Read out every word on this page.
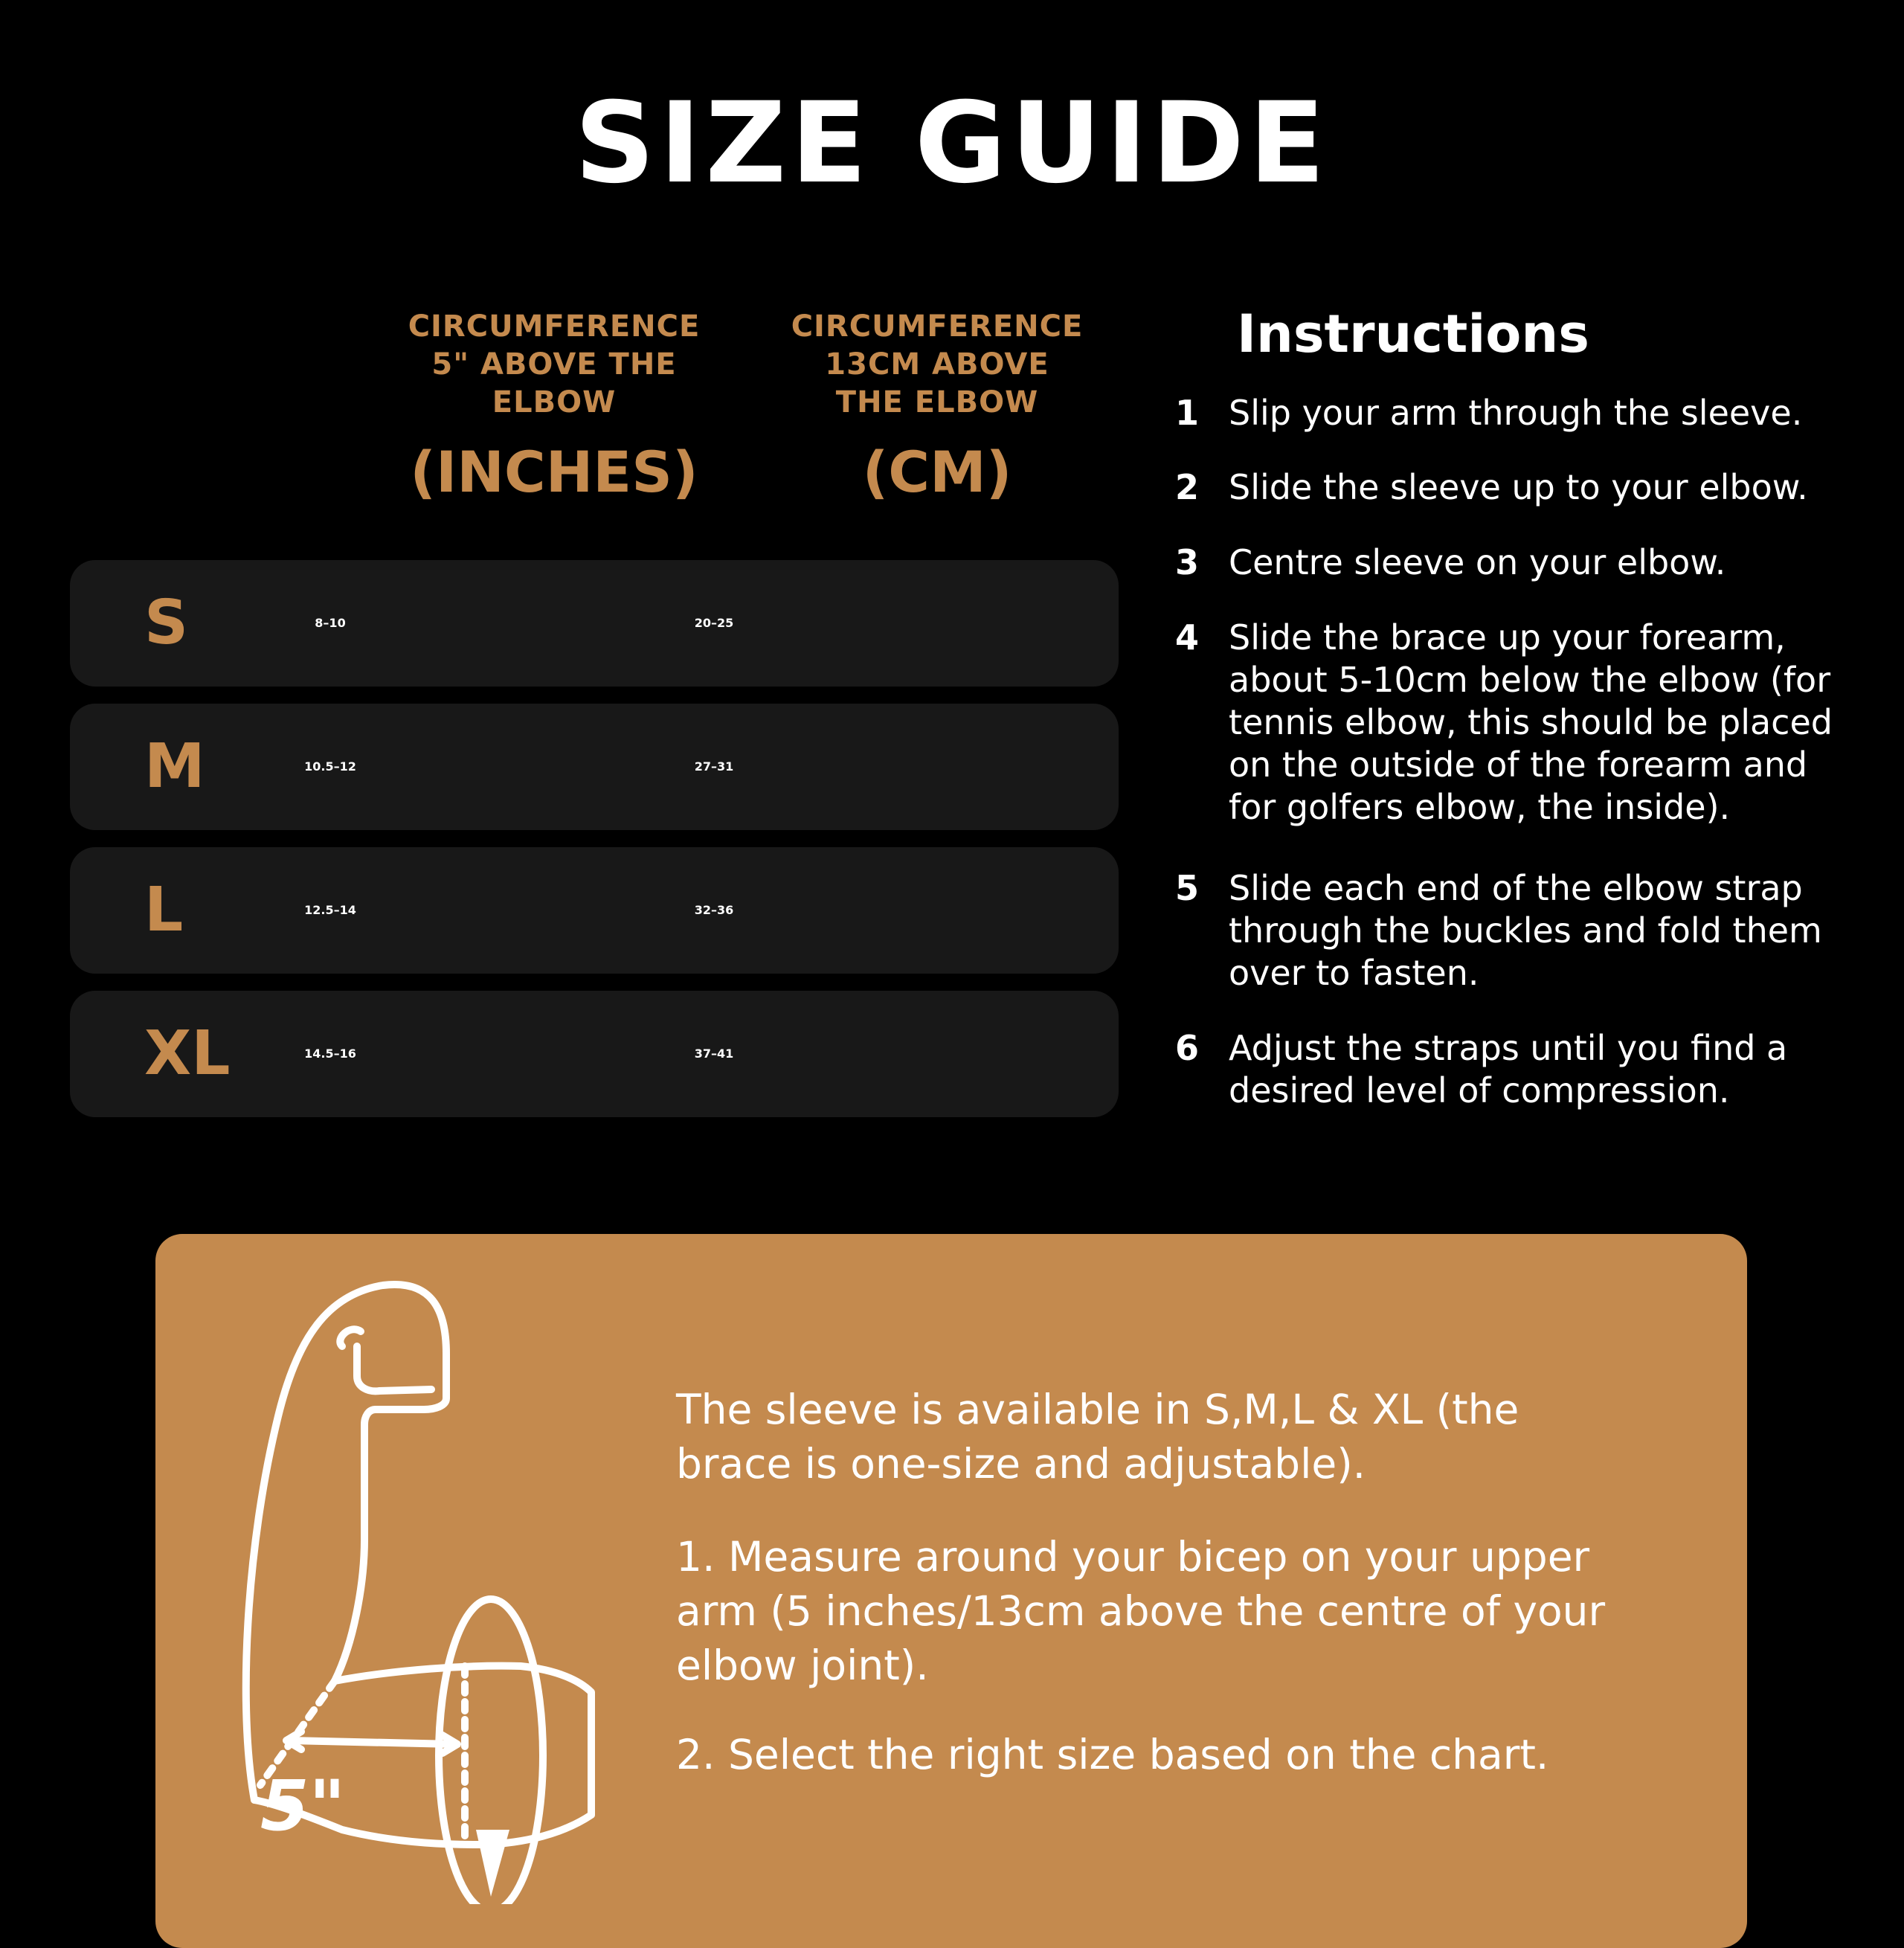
SIZE GUIDE
CIRCUMFERENCE
5" ABOVE THE
ELBOW
(INCHES)
CIRCUMFERENCE
13CM ABOVE
THE ELBOW
(CM)
S	8–10	20–25
M	10.5–12	27–31
L	12.5–14	32–36
XL	14.5–16	37–41
Instructions
1 Slip your arm through the sleeve.
2 Slide the sleeve up to your elbow.
3 Centre sleeve on your elbow.
4 Slide the brace up your forearm,
about 5-10cm below the elbow (for
tennis elbow, this should be placed
on the outside of the forearm and
for golfers elbow, the inside).
5 Slide each end of the elbow strap
through the buckles and fold them
over to fasten.
6 Adjust the straps until you find a
desired level of compression.
The sleeve is available in S,M,L & XL (the
brace is one-size and adjustable).
1. Measure around your bicep on your upper
arm (5 inches/13cm above the centre of your
elbow joint).
2. Select the right size based on the chart.
5"
